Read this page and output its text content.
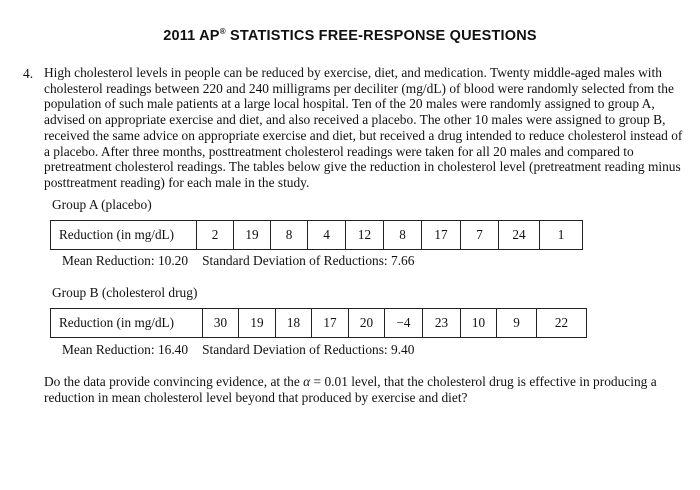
2011 AP® STATISTICS FREE-RESPONSE QUESTIONS
4. High cholesterol levels in people can be reduced by exercise, diet, and medication. Twenty middle-aged males with cholesterol readings between 220 and 240 milligrams per deciliter (mg/dL) of blood were randomly selected from the population of such male patients at a large local hospital. Ten of the 20 males were randomly assigned to group A, advised on appropriate exercise and diet, and also received a placebo. The other 10 males were assigned to group B, received the same advice on appropriate exercise and diet, but received a drug intended to reduce cholesterol instead of a placebo. After three months, posttreatment cholesterol readings were taken for all 20 males and compared to pretreatment cholesterol readings. The tables below give the reduction in cholesterol level (pretreatment reading minus posttreatment reading) for each male in the study.

Group A (placebo)
Reduction (in mg/dL)	2	19	8	4	12	8	17	7	24	1
Mean Reduction: 10.20 Standard Deviation of Reductions: 7.66
Group B (cholesterol drug)
Reduction (in mg/dL)	30	19	18	17	20	−4	23	10	9	22
Mean Reduction: 16.40 Standard Deviation of Reductions: 9.40

Do the data provide convincing evidence, at the α = 0.01 level, that the cholesterol drug is effective in producing a reduction in mean cholesterol level beyond that produced by exercise and diet?
